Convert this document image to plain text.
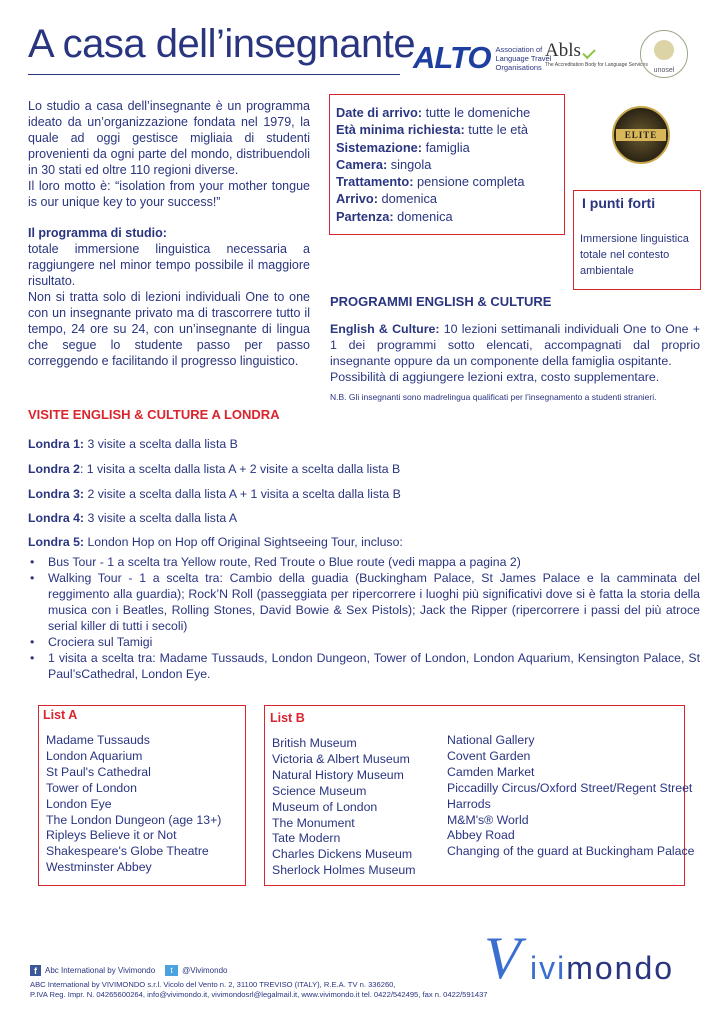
A casa dell’insegnante
ALTO Association of Language Travel Organisations
Abls
The Accreditation Body for Language Services
unosel
ELITE

Lo studio a casa dell’insegnante è un programma ideato da un’organizzazione fondata nel 1979, la quale ad oggi gestisce migliaia di studenti provenienti da ogni parte del mondo, distribuendoli in 30 stati ed oltre 110 regioni diverse.

Il loro motto è: “isolation from your mother tongue is our unique key to your success!”

Il programma di studio:

totale immersione linguistica necessaria a raggiungere nel minor tempo possibile il maggiore risultato.

Non si tratta solo di lezioni individuali One to one con un insegnante privato ma di trascorrere tutto il tempo, 24 ore su 24, con un’insegnante di lingua che segue lo studente passo per passo correggendo e facilitando il progresso linguistico.

Date di arrivo: tutte le domeniche
Età minima richiesta: tutte le età
Sistemazione: famiglia
Camera: singola
Trattamento: pensione completa
Arrivo: domenica
Partenza: domenica
I punti forti
Immersione linguistica totale nel contesto ambientale
PROGRAMMI ENGLISH & CULTURE

English & Culture: 10 lezioni settimanali individuali One to One + 1 dei programmi sotto elencati, accompagnati dal proprio insegnante oppure da un componente della famiglia ospitante.

Possibilità di aggiungere lezioni extra, costo supplementare.

N.B. Gli insegnanti sono madrelingua qualificati per l’insegnamento a studenti stranieri.
VISITE ENGLISH & CULTURE A LONDRA
Londra 1: 3 visite a scelta dalla lista B
Londra 2: 1 visita a scelta dalla lista A + 2 visite a scelta dalla lista B
Londra 3: 2 visite a scelta dalla lista A + 1 visita a scelta dalla lista B
Londra 4: 3 visite a scelta dalla lista A
Londra 5: London Hop on Hop off Original Sightseeing Tour, incluso:
• Bus Tour - 1 a scelta tra Yellow route, Red Troute o Blue route (vedi mappa a pagina 2)
• Walking Tour - 1 a scelta tra: Cambio della guadia (Buckingham Palace, St James Palace e la camminata del reggimento alla guardia); Rock’N Roll (passeggiata per ripercorrere i luoghi più significativi dove si è fatta la storia della musica con i Beatles, Rolling Stones, David Bowie & Sex Pistols); Jack the Ripper (ripercorrere i passi del più atroce serial killer di tutti i secoli)
• Crociera sul Tamigi
• 1 visita a scelta tra: Madame Tussauds, London Dungeon, Tower of London, London Aquarium, Kensington Palace, St Paul’sCathedral, London Eye.
List A
Madame Tussauds
London Aquarium
St Paul's Cathedral
Tower of London
London Eye
The London Dungeon (age 13+)
Ripleys Believe it or Not
Shakespeare's Globe Theatre
Westminster Abbey
List B
British Museum
Victoria & Albert Museum
Natural History Museum
Science Museum
Museum of London
The Monument
Tate Modern
Charles Dickens Museum
Sherlock Holmes Museum
National Gallery
Covent Garden
Camden Market
Piccadilly Circus/Oxford Street/Regent Street
Harrods
M&M's® World
Abbey Road
Changing of the guard at Buckingham Palace
f	Abc International by Vivimondo	t	@Vivimondo
ABC International by VIVIMONDO s.r.l. Vicolo del Vento n. 2, 31100 TREVISO (ITALY), R.E.A. TV n. 336260,
P.IVA Reg. Impr. N. 04265600264, info@vivimondo.it, vivimondosrl@legalmail.it, www.vivimondo.it tel. 0422/542495, fax n. 0422/591437
V ivimondo
